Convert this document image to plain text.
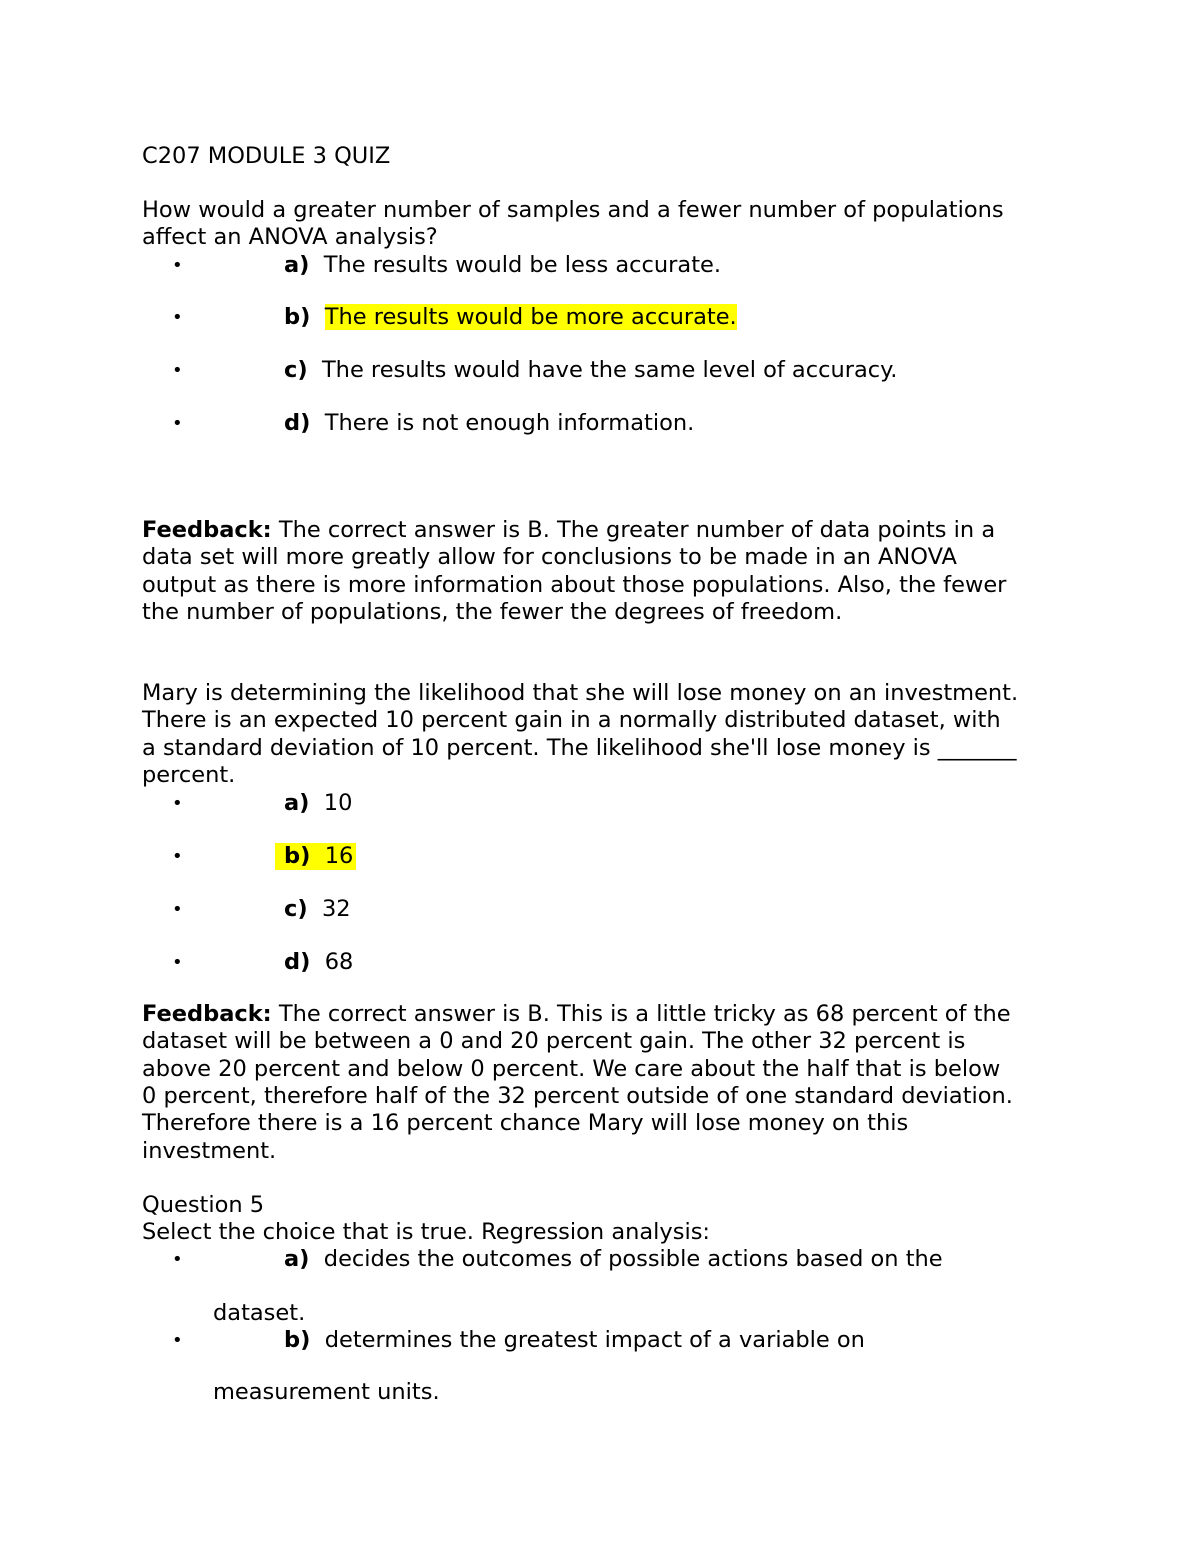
C207 MODULE 3 QUIZ
How would a greater number of samples and a fewer number of populations
affect an ANOVA analysis?
•	a) The results would be less accurate.
•	b) The results would be more accurate.
•	c) The results would have the same level of accuracy.
•	d) There is not enough information.
Feedback: The correct answer is B. The greater number of data points in a
data set will more greatly allow for conclusions to be made in an ANOVA
output as there is more information about those populations. Also, the fewer
the number of populations, the fewer the degrees of freedom.
Mary is determining the likelihood that she will lose money on an investment.
There is an expected 10 percent gain in a normally distributed dataset, with
a standard deviation of 10 percent. The likelihood she'll lose money is _______
percent.
•	a) 10
•	b) 16
•	c) 32
•	d) 68
Feedback: The correct answer is B. This is a little tricky as 68 percent of the
dataset will be between a 0 and 20 percent gain. The other 32 percent is
above 20 percent and below 0 percent. We care about the half that is below
0 percent, therefore half of the 32 percent outside of one standard deviation.
Therefore there is a 16 percent chance Mary will lose money on this
investment.
Question 5
Select the choice that is true. Regression analysis:
•	a) decides the outcomes of possible actions based on the
dataset.
•	b) determines the greatest impact of a variable on
measurement units.
